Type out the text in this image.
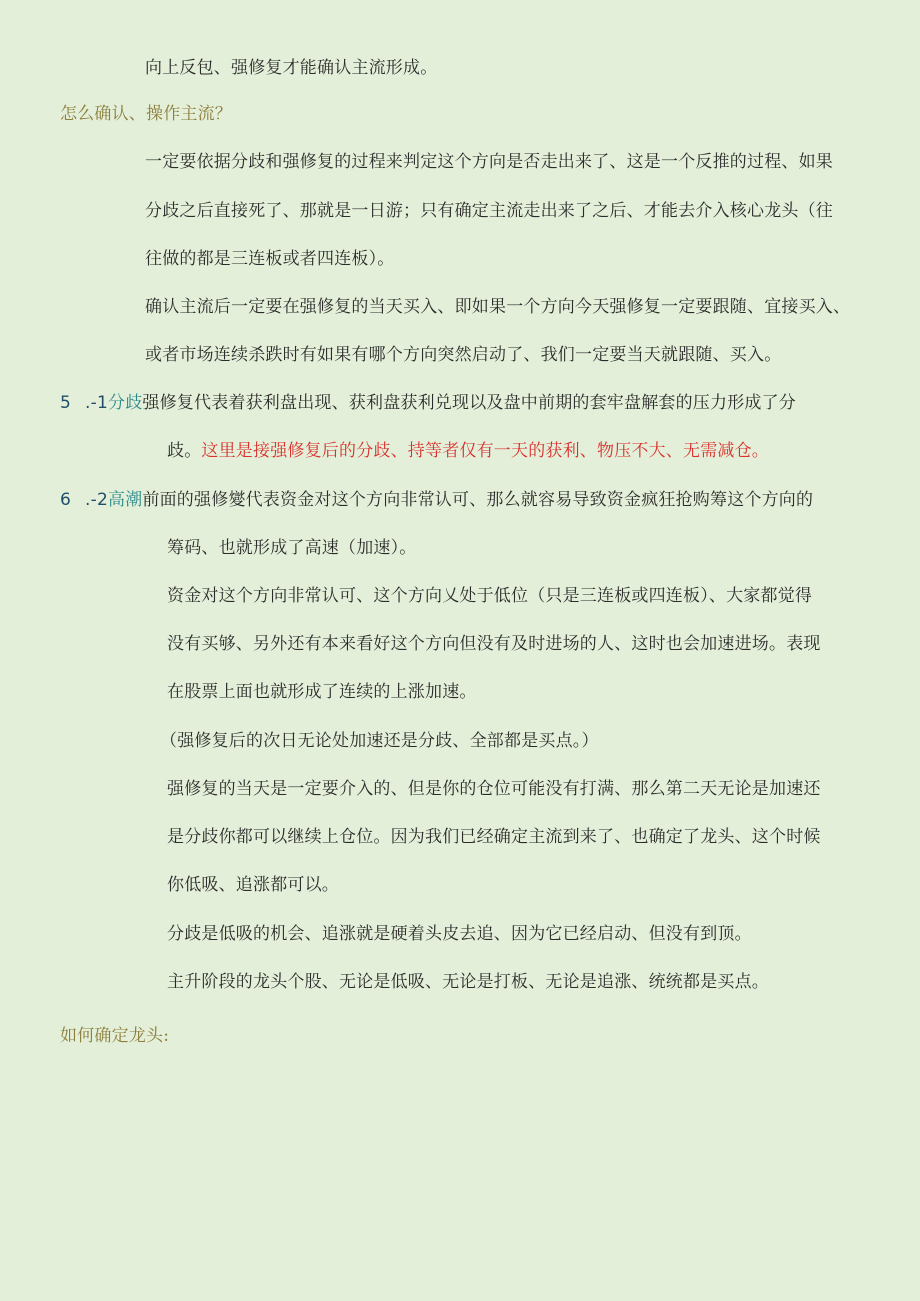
向上反包、强修复才能确认主流形成。
怎么确认、操作主流？
一定要依据分歧和强修复的过程来判定这个方向是否走出来了、这是一个反推的过程、如果
分歧之后直接死了、那就是一日游；只有确定主流走出来了之后、才能去介入核心龙头（往
往做的都是三连板或者四连板）。
确认主流后一定要在强修复的当天买入、即如果一个方向今天强修复一定要跟随、宜接买入、
或者市场连续杀跌时有如果有哪个方向突然启动了、我们一定要当天就跟随、买入。
5 .-1分歧强修复代表着获利盘出现、获利盘获利兑现以及盘中前期的套牢盘解套的压力形成了分
歧。这里是接强修复后的分歧、持等者仅有一天的获利、物压不大、无需减仓。
6 .-2高潮前面的强修夑代表资金对这个方向非常认可、那么就容易导致资金疯狂抢购筹这个方向的
筹码、也就形成了高速（加速）。
资金对这个方向非常认可、这个方向乂处于低位（只是三连板或四连板）、大家都觉得
没有买够、另外还有本来看好这个方向但没有及时进场的人、这时也会加速进场。表现
在股票上面也就形成了连续的上涨加速。
（强修复后的次日无论处加速还是分歧、全部都是买点。）
强修复的当天是一定要介入的、但是你的仓位可能没有打满、那么第二天无论是加速还
是分歧你都可以继续上仓位。因为我们已经确定主流到来了、也确定了龙头、这个时候
你低吸、追涨都可以。
分歧是低吸的机会、追涨就是硬着头皮去追、因为它已经启动、但没有到顶。
主升阶段的龙头个股、无论是低吸、无论是打板、无论是追涨、统统都是买点。
如何确定龙头:
